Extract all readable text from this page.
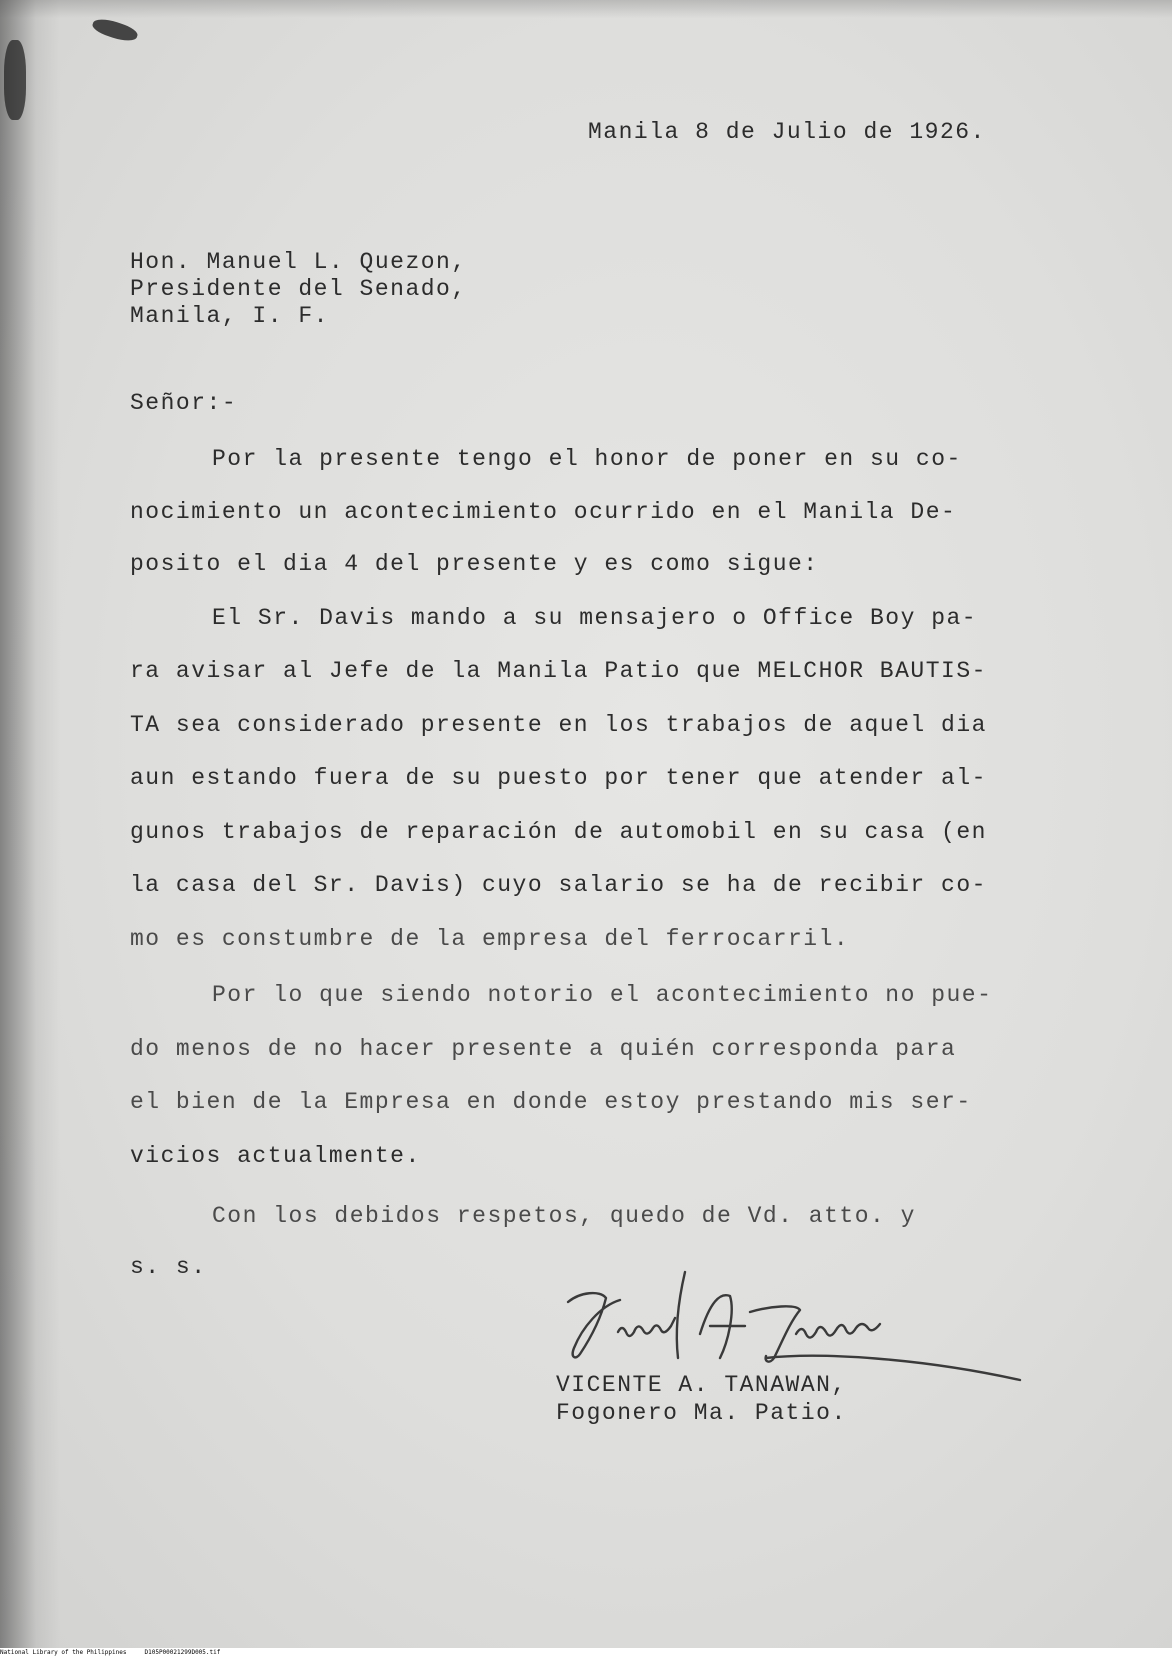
Manila 8 de Julio de 1926.
Hon. Manuel L. Quezon,
Presidente del Senado,
Manila, I. F.
Señor:-
Por la presente tengo el honor de poner en su co-
nocimiento un acontecimiento ocurrido en el Manila De-
posito el dia 4 del presente y es como sigue:
El Sr. Davis mando a su mensajero o Office Boy pa-
ra avisar al Jefe de la Manila Patio que MELCHOR BAUTIS-
TA sea considerado presente en los trabajos de aquel dia
aun estando fuera de su puesto por tener que atender al-
gunos trabajos de reparación de automobil en su casa (en
la casa del Sr. Davis) cuyo salario se ha de recibir co-
mo es constumbre de la empresa del ferrocarril.
Por lo que siendo notorio el acontecimiento no pue-
do menos de no hacer presente a quién corresponda para
el bien de la Empresa en donde estoy prestando mis ser-
vicios actualmente.
Con los debidos respetos, quedo de Vd. atto. y
s. s.
VICENTE A. TANAWAN,
Fogonero Ma. Patio.
National Library of the Philippines     D105P00021299D005.tif
